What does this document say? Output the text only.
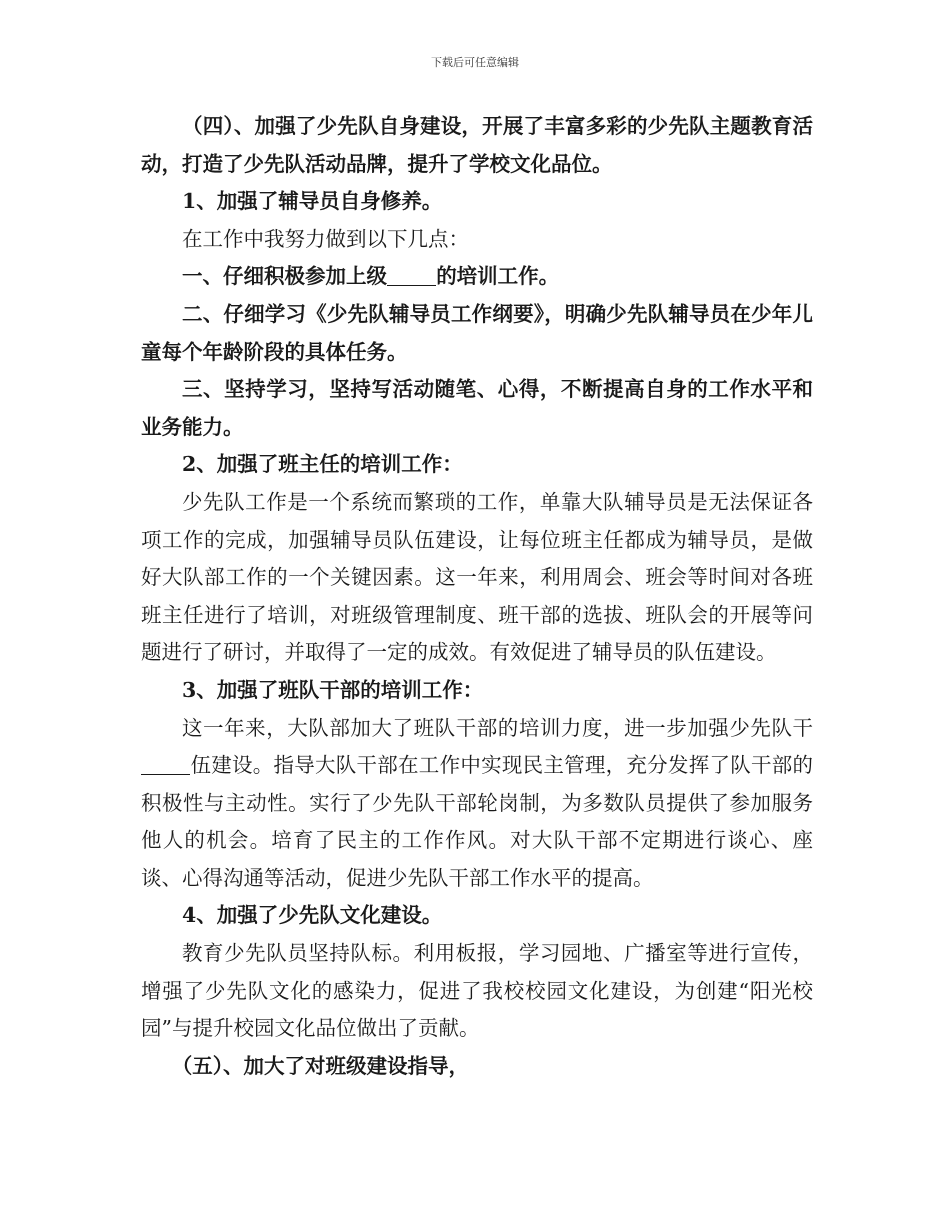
下载后可任意编辑

（四）、加强了少先队自身建设，开展了丰富多彩的少先队主题教育活动，打造了少先队活动品牌，提升了学校文化品位。

1、加强了辅导员自身修养。

在工作中我努力做到以下几点：

一、仔细积极参加上级 的培训工作。

二、仔细学习《少先队辅导员工作纲要》，明确少先队辅导员在少年儿童每个年龄阶段的具体任务。

三、坚持学习，坚持写活动随笔、心得，不断提高自身的工作水平和业务能力。

2、加强了班主任的培训工作：

少先队工作是一个系统而繁琐的工作，单靠大队辅导员是无法保证各项工作的完成，加强辅导员队伍建设，让每位班主任都成为辅导员，是做好大队部工作的一个关键因素。这一年来，利用周会、班会等时间对各班班主任进行了培训，对班级管理制度、班干部的选拔、班队会的开展等问题进行了研讨，并取得了一定的成效。有效促进了辅导员的队伍建设。

3、加强了班队干部的培训工作：

这一年来，大队部加大了班队干部的培训力度，进一步加强少先队干伍建设。指导大队干部在工作中实现民主管理，充分发挥了队干部的积极性与主动性。实行了少先队干部轮岗制，为多数队员提供了参加服务他人的机会。培育了民主的工作作风。对大队干部不定期进行谈心、座谈、心得沟通等活动，促进少先队干部工作水平的提高。

4、加强了少先队文化建设。

教育少先队员坚持队标。利用板报，学习园地、广播室等进行宣传，增强了少先队文化的感染力，促进了我校校园文化建设，为创建“阳光校园”与提升校园文化品位做出了贡献。

（五）、加大了对班级建设指导，
